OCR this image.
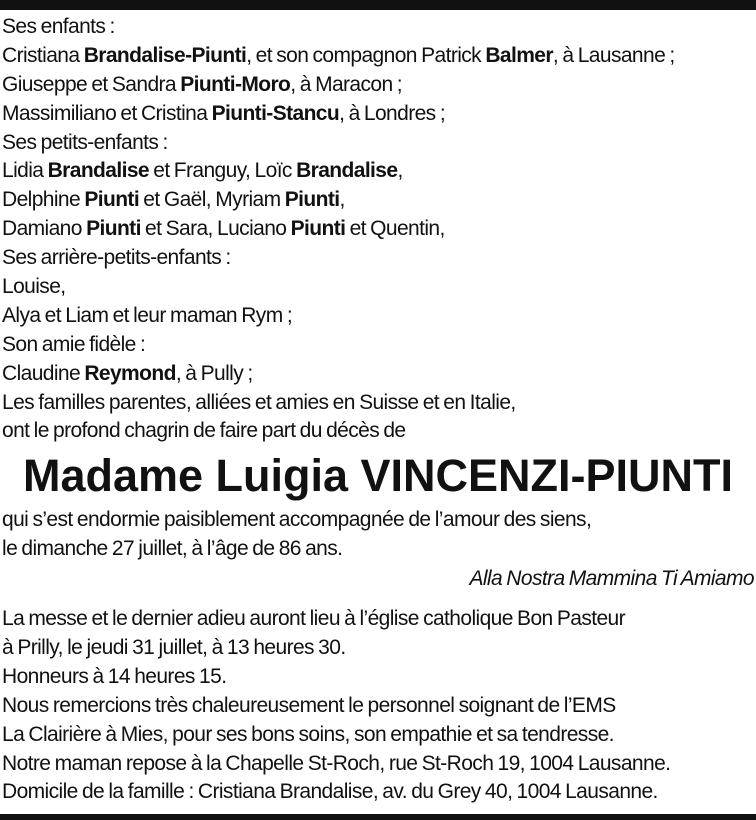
Ses enfants :
Cristiana Brandalise-Piunti, et son compagnon Patrick Balmer, à Lausanne ;
Giuseppe et Sandra Piunti-Moro, à Maracon ;
Massimiliano et Cristina Piunti-Stancu, à Londres ;
Ses petits-enfants :
Lidia Brandalise et Franguy, Loïc Brandalise,
Delphine Piunti et Gaël, Myriam Piunti,
Damiano Piunti et Sara, Luciano Piunti et Quentin,
Ses arrière-petits-enfants :
Louise,
Alya et Liam et leur maman Rym ;
Son amie fidèle :
Claudine Reymond, à Pully ;
Les familles parentes, alliées et amies en Suisse et en Italie,
ont le profond chagrin de faire part du décès de
Madame Luigia VINCENZI-PIUNTI
qui s’est endormie paisiblement accompagnée de l’amour des siens,
le dimanche 27 juillet, à l’âge de 86 ans.
Alla Nostra Mammina Ti Amiamo
La messe et le dernier adieu auront lieu à l’église catholique Bon Pasteur
à Prilly, le jeudi 31 juillet, à 13 heures 30.
Honneurs à 14 heures 15.
Nous remercions très chaleureusement le personnel soignant de l’EMS
La Clairière à Mies, pour ses bons soins, son empathie et sa tendresse.
Notre maman repose à la Chapelle St-Roch, rue St-Roch 19, 1004 Lausanne.
Domicile de la famille : Cristiana Brandalise, av. du Grey 40, 1004 Lausanne.
